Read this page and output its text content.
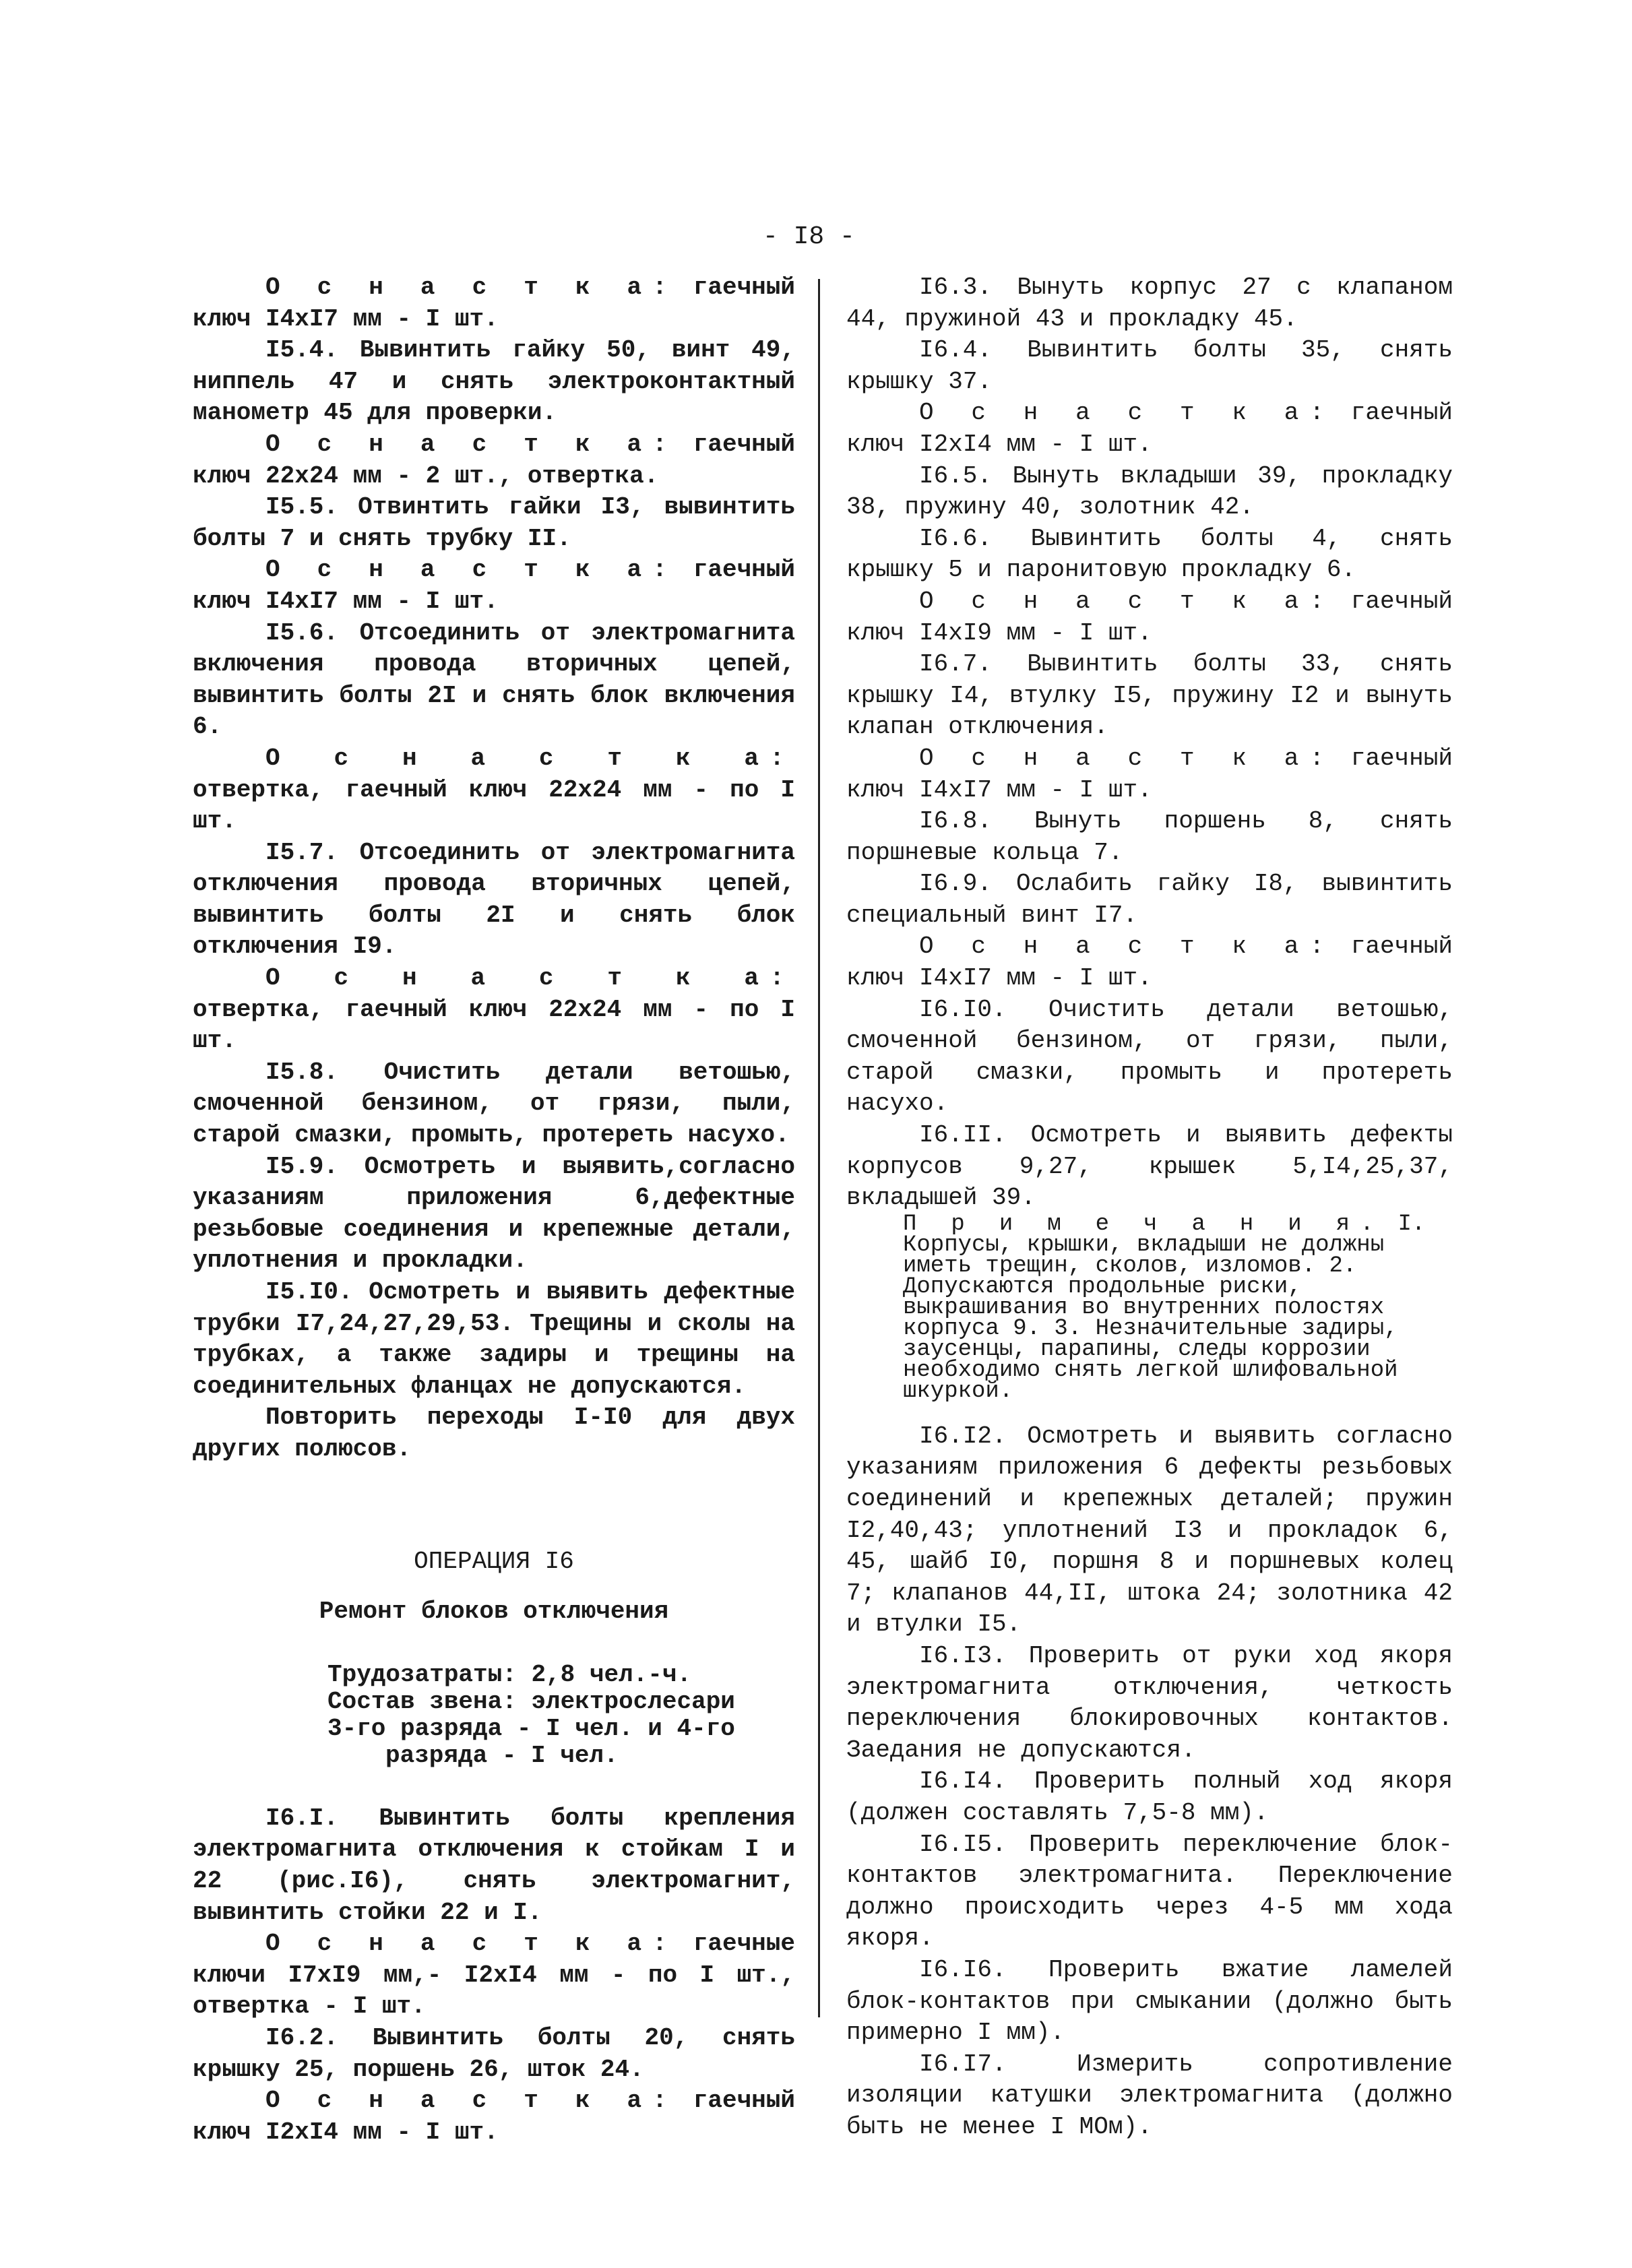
- I8 -

О с н а с т к а: гаечный ключ I4xI7 мм - I шт.

I5.4. Вывинтить гайку 50, винт 49, ниппель 47 и снять электроконтактный манометр 45 для проверки.

О с н а с т к а: гаечный ключ 22x24 мм - 2 шт., отвертка.

I5.5. Отвинтить гайки I3, вывинтить болты 7 и снять трубку II.

О с н а с т к а: гаечный ключ I4xI7 мм - I шт.

I5.6. Отсоединить от электромагнита включения провода вторичных цепей, вывинтить болты 2I и снять блок включения 6.

О с н а с т к а: отвертка, гаечный ключ 22x24 мм - по I шт.

I5.7. Отсоединить от электромагнита отключения провода вторичных цепей, вывинтить болты 2I и снять блок отключения I9.

О с н а с т к а: отвертка, гаечный ключ 22x24 мм - по I шт.

I5.8. Очистить детали ветошью, смоченной бензином, от грязи, пыли, старой смазки, промыть, протереть насухо.

I5.9. Осмотреть и выявить,согласно указаниям приложения 6,дефектные резьбовые соединения и крепежные детали, уплотнения и прокладки.

I5.I0. Осмотреть и выявить дефектные трубки I7,24,27,29,53. Трещины и сколы на трубках, а также задиры и трещины на соединительных фланцах не допускаются.

Повторить переходы I-I0 для двух других полюсов.

ОПЕРАЦИЯ I6

Ремонт блоков отключения

Трудозатраты: 2,8 чел.-ч.
Состав звена: электрослесари
3-го разряда - I чел. и 4-го
разряда - I чел.

I6.I. Вывинтить болты крепления электромагнита отключения к стойкам I и 22 (рис.I6), снять электромагнит, вывинтить стойки 22 и I.

О с н а с т к а: гаечные ключи I7xI9 мм,- I2xI4 мм - по I шт., отвертка - I шт.

I6.2. Вывинтить болты 20, снять крышку 25, поршень 26, шток 24.

О с н а с т к а: гаечный ключ I2xI4 мм - I шт.

I6.3. Вынуть корпус 27 с клапаном 44, пружиной 43 и прокладку 45.

I6.4. Вывинтить болты 35, снять крышку 37.

О с н а с т к а: гаечный ключ I2xI4 мм - I шт.

I6.5. Вынуть вкладыши 39, прокладку 38, пружину 40, золотник 42.

I6.6. Вывинтить болты 4, снять крышку 5 и паронитовую прокладку 6.

О с н а с т к а: гаечный ключ I4xI9 мм - I шт.

I6.7. Вывинтить болты 33, снять крышку I4, втулку I5, пружину I2 и вынуть клапан отключения.

О с н а с т к а: гаечный ключ I4xI7 мм - I шт.

I6.8. Вынуть поршень 8, снять поршневые кольца 7.

I6.9. Ослабить гайку I8, вывинтить специальный винт I7.

О с н а с т к а: гаечный ключ I4xI7 мм - I шт.

I6.I0. Очистить детали ветошью, смоченной бензином, от грязи, пыли, старой смазки, промыть и протереть насухо.

I6.II. Осмотреть и выявить дефекты корпусов 9,27, крышек 5,I4,25,37, вкладышей 39.

П р и м е ч а н и я. I. Корпусы, крышки, вкладыши не должны иметь трещин, сколов, изломов. 2. Допускаются продольные риски, выкрашивания во внутренних полостях корпуса 9. 3. Незначительные задиры, заусенцы, парапины, следы коррозии необходимо снять легкой шлифовальной шкуркой.

I6.I2. Осмотреть и выявить согласно указаниям приложения 6 дефекты резьбовых соединений и крепежных деталей; пружин I2,40,43; уплотнений I3 и прокладок 6, 45, шайб I0, поршня 8 и поршневых колец 7; клапанов 44,II, штока 24; золотника 42 и втулки I5.

I6.I3. Проверить от руки ход якоря электромагнита отключения, четкость переключения блокировочных контактов. Заедания не допускаются.

I6.I4. Проверить полный ход якоря (должен составлять 7,5-8 мм).

I6.I5. Проверить переключение блок-контактов электромагнита. Переключение должно происходить через 4-5 мм хода якоря.

I6.I6. Проверить вжатие ламелей блок-контактов при смыкании (должно быть примерно I мм).

I6.I7. Измерить сопротивление изоляции катушки электромагнита (должно быть не менее I МОм).
